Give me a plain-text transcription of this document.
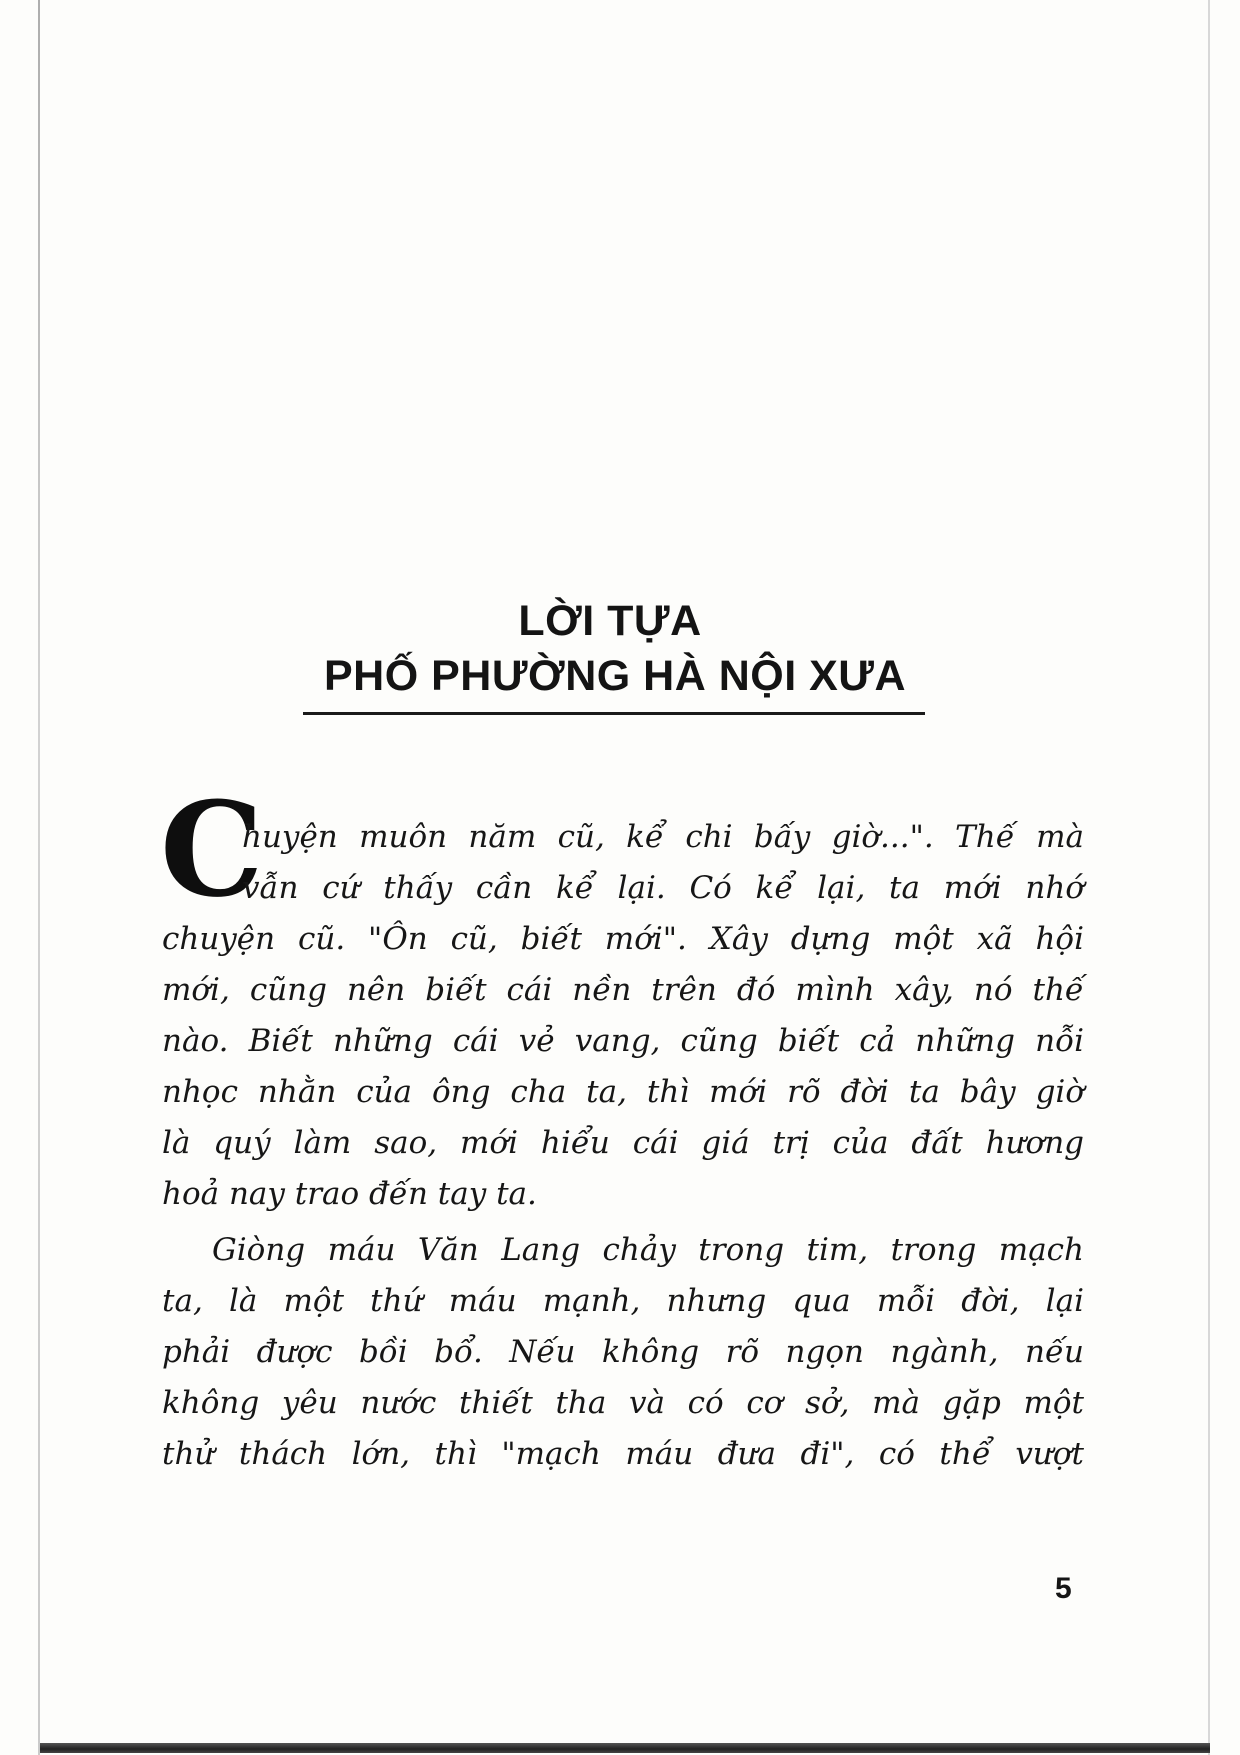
LỜI TỰA
PHỐ PHƯỜNG HÀ NỘI XƯA
C
huyện muôn năm cũ, kể chi bấy giờ...". Thế mà
vẫn cứ thấy cần kể lại. Có kể lại, ta mới nhớ
chuyện cũ. "Ôn cũ, biết mới". Xây dựng một xã hội
mới, cũng nên biết cái nền trên đó mình xây, nó thế
nào. Biết những cái vẻ vang, cũng biết cả những nỗi
nhọc nhằn của ông cha ta, thì mới rõ đời ta bây giờ
là quý làm sao, mới hiểu cái giá trị của đất hương
hoả nay trao đến tay ta.
Giòng máu Văn Lang chảy trong tim, trong mạch
ta, là một thứ máu mạnh, nhưng qua mỗi đời, lại
phải được bồi bổ. Nếu không rõ ngọn ngành, nếu
không yêu nước thiết tha và có cơ sở, mà gặp một
thử thách lớn, thì "mạch máu đưa đi", có thể vượt
5
